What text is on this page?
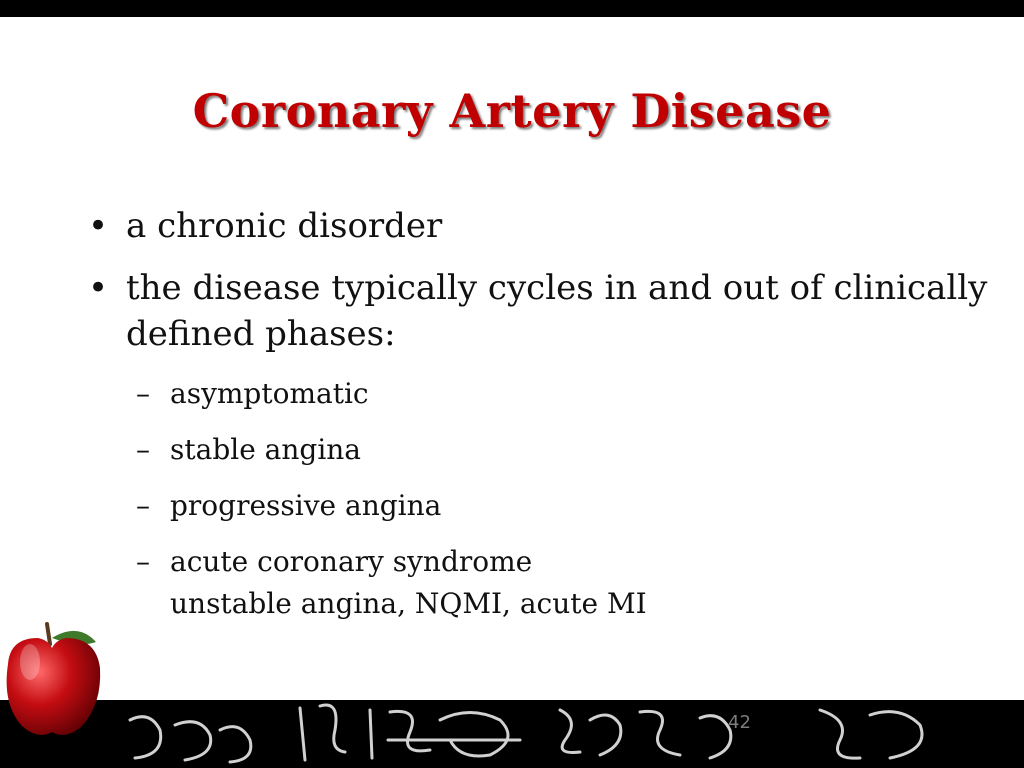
Coronary Artery Disease
• a chronic disorder
• the disease typically cycles in and out of clinically defined phases:
– asymptomatic
– stable angina
– progressive angina
– acute coronary syndrome
unstable angina, NQMI, acute MI
42
